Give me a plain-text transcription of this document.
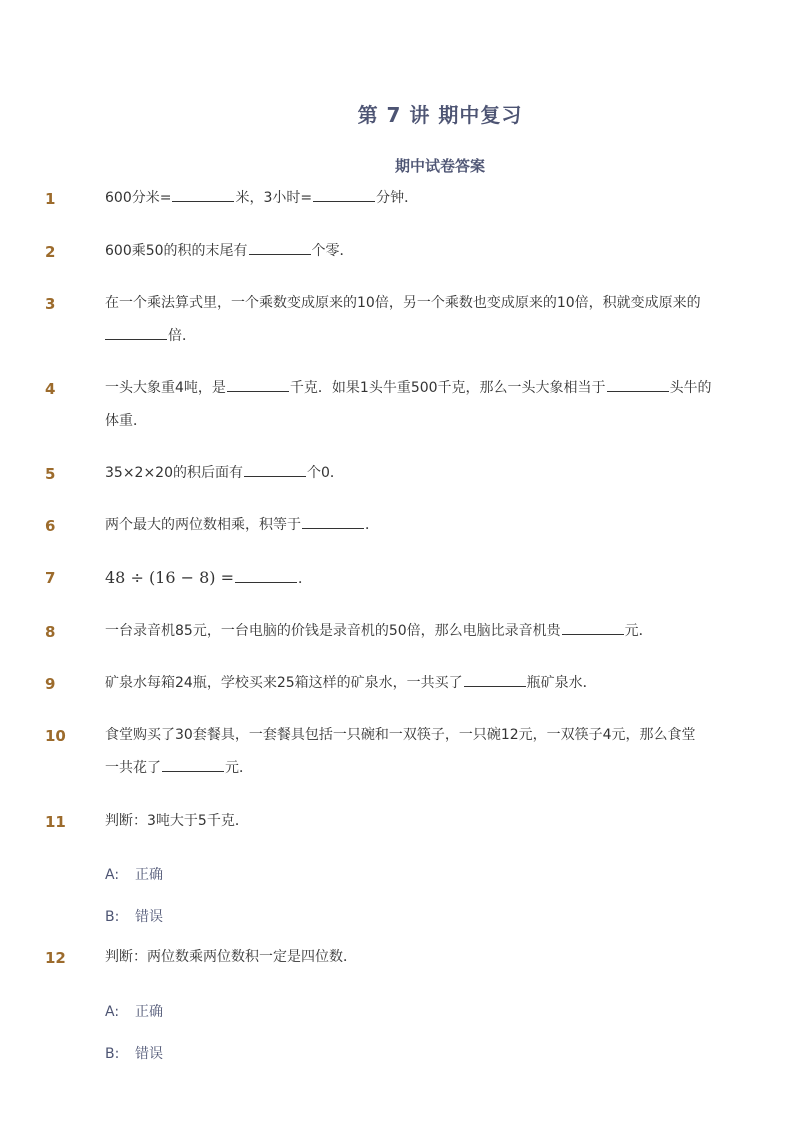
第 7 讲 期中复习
期中试卷答案
1	600分米=	米，3小时=	分钟．
2	600乘50的积的末尾有	个零．
3	在一个乘法算式里，一个乘数变成原来的10倍，另一个乘数也变成原来的10倍，积就变成原来的
倍．
4	一头大象重4吨，是	千克．如果1头牛重500千克，那么一头大象相当于	头牛的
体重．
5	35×2×20的积后面有	个0．
6	两个最大的两位数相乘，积等于	．
7	48 ÷ (16 − 8) =	．
8	一台录音机85元，一台电脑的价钱是录音机的50倍，那么电脑比录音机贵	元．
9	矿泉水每箱24瓶，学校买来25箱这样的矿泉水，一共买了	瓶矿泉水．
10	食堂购买了30套餐具，一套餐具包括一只碗和一双筷子，一只碗12元，一双筷子4元，那么食堂
一共花了	元．
11	判断：3吨大于5千克．
A: 正确
B: 错误
12	判断：两位数乘两位数积一定是四位数．
A: 正确
B: 错误
